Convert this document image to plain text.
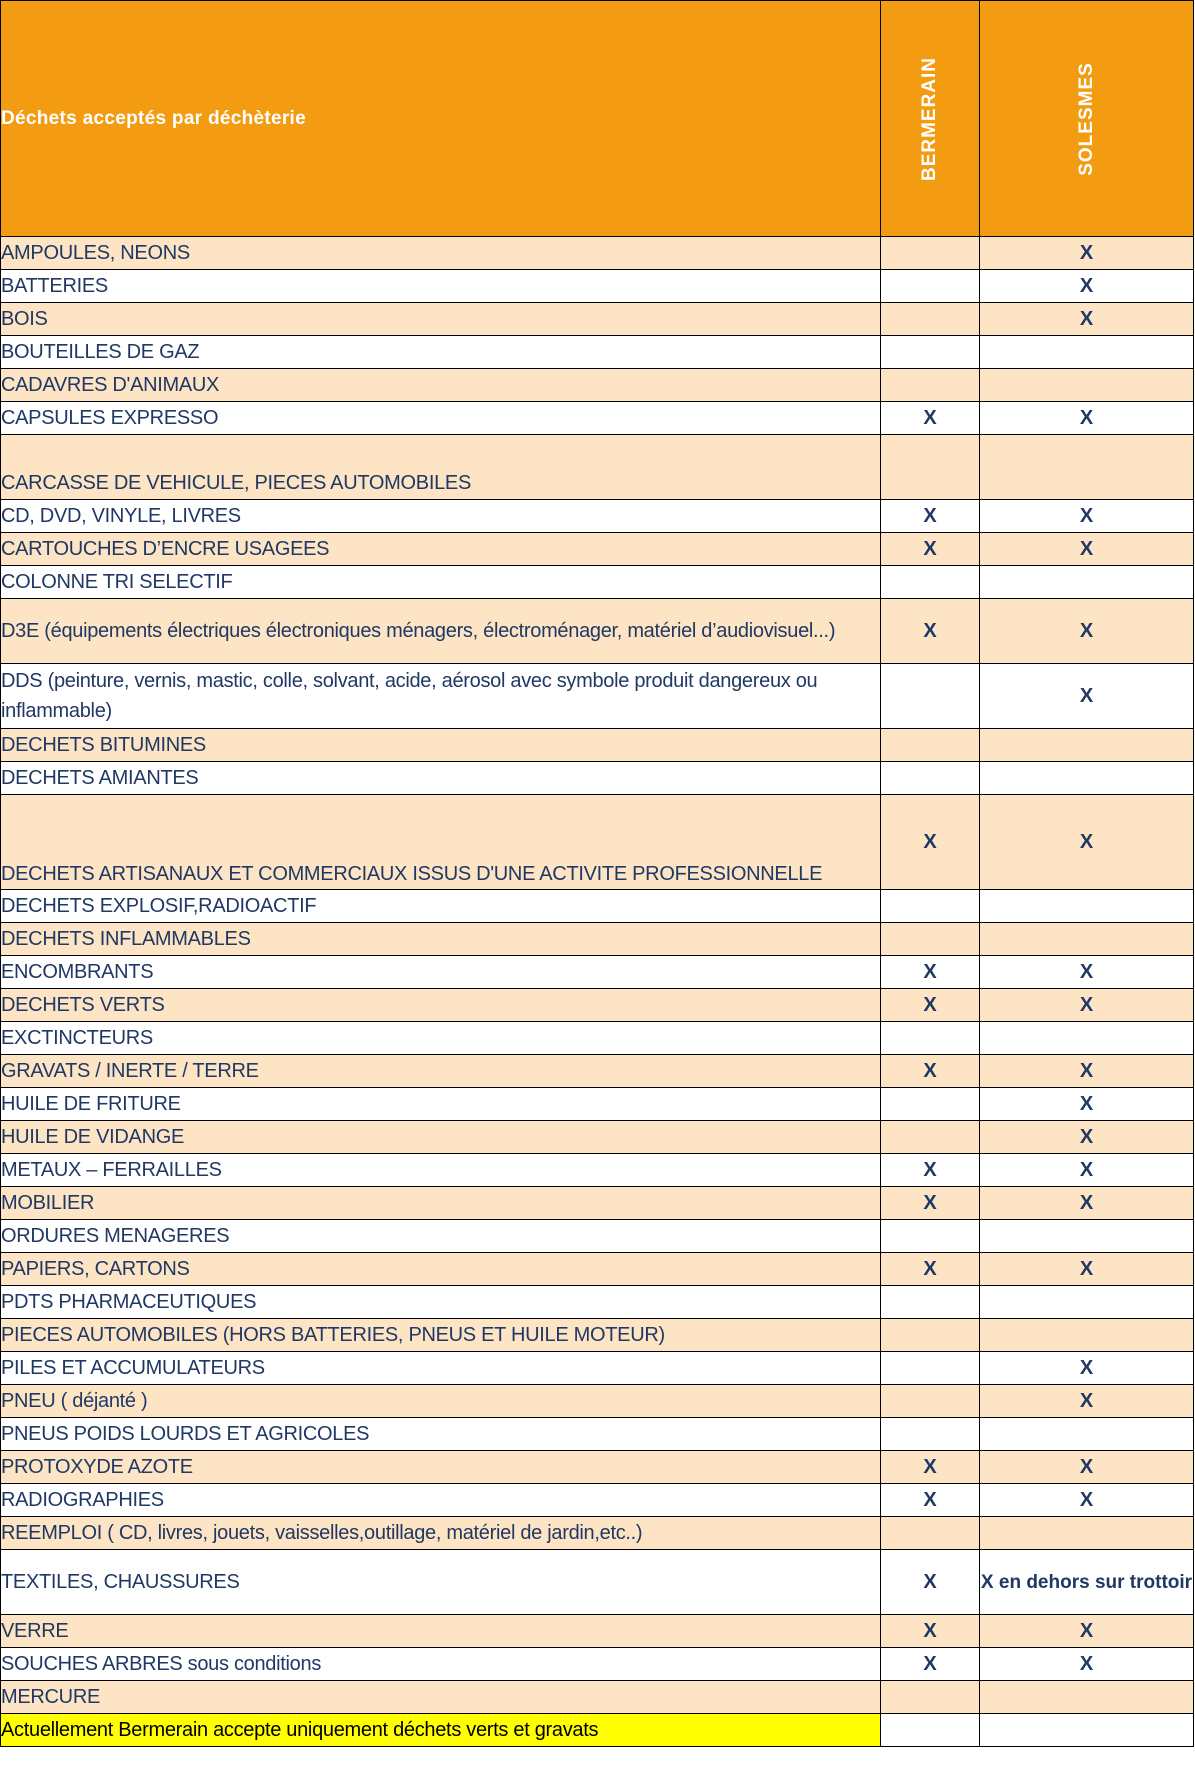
Déchets acceptés par déchèterie	BERMERAIN	SOLESMES

AMPOULES, NEONS		X
BATTERIES		X
BOIS		X
BOUTEILLES DE GAZ		
CADAVRES D'ANIMAUX		
CAPSULES EXPRESSO	X	X
CARCASSE DE VEHICULE, PIECES AUTOMOBILES		
CD, DVD, VINYLE, LIVRES	X	X
CARTOUCHES D’ENCRE USAGEES	X	X
COLONNE TRI SELECTIF		
D3E (équipements électriques électroniques ménagers, électroménager, matériel d’audiovisuel...)	X	X
DDS (peinture, vernis, mastic, colle, solvant, acide, aérosol avec symbole produit dangereux ou inflammable)		X
DECHETS BITUMINES		
DECHETS AMIANTES		
DECHETS ARTISANAUX ET COMMERCIAUX ISSUS D'UNE ACTIVITE PROFESSIONNELLE	X	X
DECHETS EXPLOSIF,RADIOACTIF		
DECHETS INFLAMMABLES		
ENCOMBRANTS	X	X
DECHETS VERTS	X	X
EXCTINCTEURS		
GRAVATS / INERTE / TERRE	X	X
HUILE DE FRITURE		X
HUILE DE VIDANGE		X
METAUX – FERRAILLES	X	X
MOBILIER	X	X
ORDURES MENAGERES		
PAPIERS, CARTONS	X	X
PDTS PHARMACEUTIQUES		
PIECES AUTOMOBILES (HORS BATTERIES, PNEUS ET HUILE MOTEUR)		
PILES ET ACCUMULATEURS		X
PNEU ( déjanté )		X
PNEUS POIDS LOURDS ET AGRICOLES		
PROTOXYDE AZOTE	X	X
RADIOGRAPHIES	X	X
REEMPLOI ( CD, livres, jouets, vaisselles,outillage, matériel de jardin,etc..)		
TEXTILES, CHAUSSURES	X	X en dehors sur trottoir
VERRE	X	X
SOUCHES ARBRES sous conditions	X	X
MERCURE		
Actuellement Bermerain accepte uniquement déchets verts et gravats		
